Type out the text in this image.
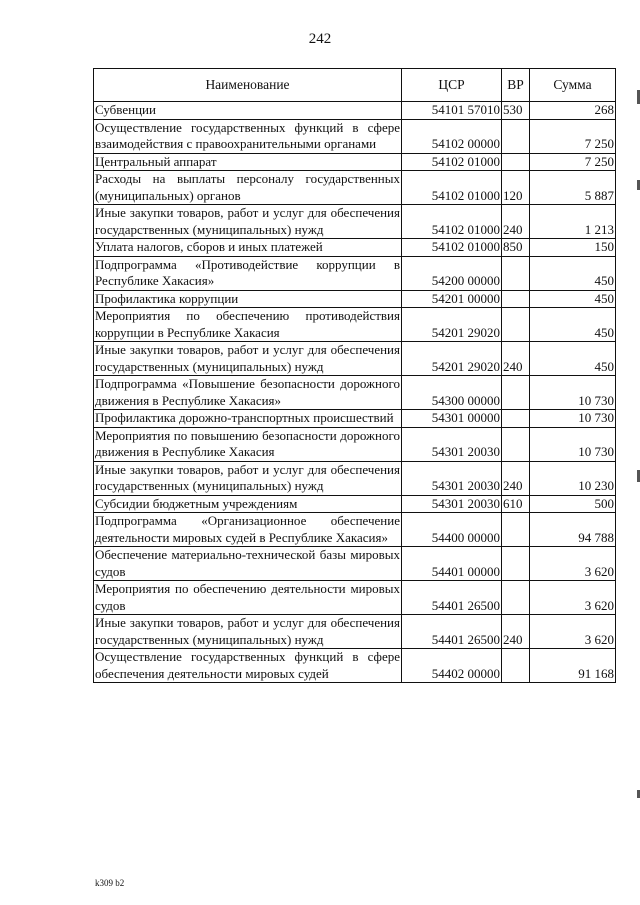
242
Наименование	ЦСР	ВР	Сумма
Субвенции	54101 57010	530	268
Осуществление государственных функций в сфере взаимодействия с правоохранительными органами	54102 00000		7 250
Центральный аппарат	54102 01000		7 250
Расходы на выплаты персоналу государственных (муниципальных) органов	54102 01000	120	5 887
Иные закупки товаров, работ и услуг для обеспечения государственных (муниципальных) нужд	54102 01000	240	1 213
Уплата налогов, сборов и иных платежей	54102 01000	850	150
Подпрограмма «Противодействие коррупции в Республике Хакасия»	54200 00000		450
Профилактика коррупции	54201 00000		450
Мероприятия по обеспечению противодействия коррупции в Республике Хакасия	54201 29020		450
Иные закупки товаров, работ и услуг для обеспечения государственных (муниципальных) нужд	54201 29020	240	450
Подпрограмма «Повышение безопасности дорожного движения в Республике Хакасия»	54300 00000		10 730
Профилактика дорожно-транспортных происшествий	54301 00000		10 730
Мероприятия по повышению безопасности дорожного движения в Республике Хакасия	54301 20030		10 730
Иные закупки товаров, работ и услуг для обеспечения государственных (муниципальных) нужд	54301 20030	240	10 230
Субсидии бюджетным учреждениям	54301 20030	610	500
Подпрограмма «Организационное обеспечение деятельности мировых судей в Республике Хакасия»	54400 00000		94 788
Обеспечение материально-технической базы мировых судов	54401 00000		3 620
Мероприятия по обеспечению деятельности мировых судов	54401 26500		3 620
Иные закупки товаров, работ и услуг для обеспечения государственных (муниципальных) нужд	54401 26500	240	3 620
Осуществление государственных функций в сфере обеспечения деятельности мировых судей	54402 00000		91 168
k309 b2
